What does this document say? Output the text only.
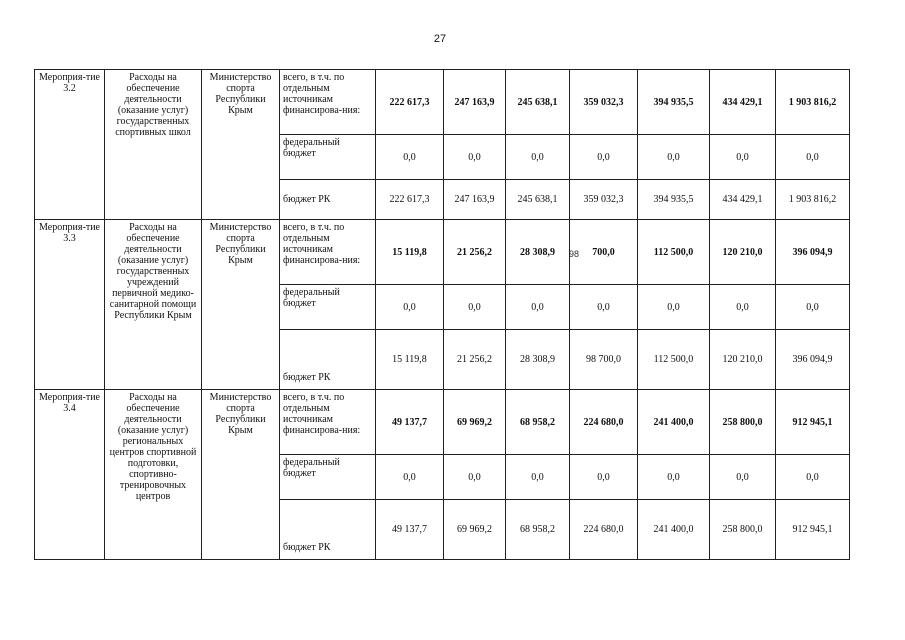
27
Мероприя-тие 3.2	Расходы на обеспечение деятельности (оказание услуг) государственных спортивных школ	Министерство спорта Республики Крым	всего, в т.ч. по отдельным источникам финансирова-ния:	222 617,3	247 163,9	245 638,1	359 032,3	394 935,5	434 429,1	1 903 816,2
			федеральный бюджет	0,0	0,0	0,0	0,0	0,0	0,0	0,0
			бюджет РК	222 617,3	247 163,9	245 638,1	359 032,3	394 935,5	434 429,1	1 903 816,2
Мероприя-тие 3.3	Расходы на обеспечение деятельности (оказание услуг) государственных учреждений первичной медико-санитарной помощи Республики Крым	Министерство спорта Республики Крым	всего, в т.ч. по отдельным источникам финансирова-ния:	15 119,8	21 256,2	28 308,9	700,0	112 500,0	120 210,0	396 094,9
			федеральный бюджет	0,0	0,0	0,0	0,0	0,0	0,0	0,0
			бюджет РК	15 119,8	21 256,2	28 308,9	98 700,0	112 500,0	120 210,0	396 094,9
Мероприя-тие 3.4	Расходы на обеспечение деятельности (оказание услуг) региональных центров спортивной подготовки, спортивно-тренировочных центров	Министерство спорта Республики Крым	всего, в т.ч. по отдельным источникам финансирова-ния:	49 137,7	69 969,2	68 958,2	224 680,0	241 400,0	258 800,0	912 945,1
			федеральный бюджет	0,0	0,0	0,0	0,0	0,0	0,0	0,0
			бюджет РК	49 137,7	69 969,2	68 958,2	224 680,0	241 400,0	258 800,0	912 945,1
98
